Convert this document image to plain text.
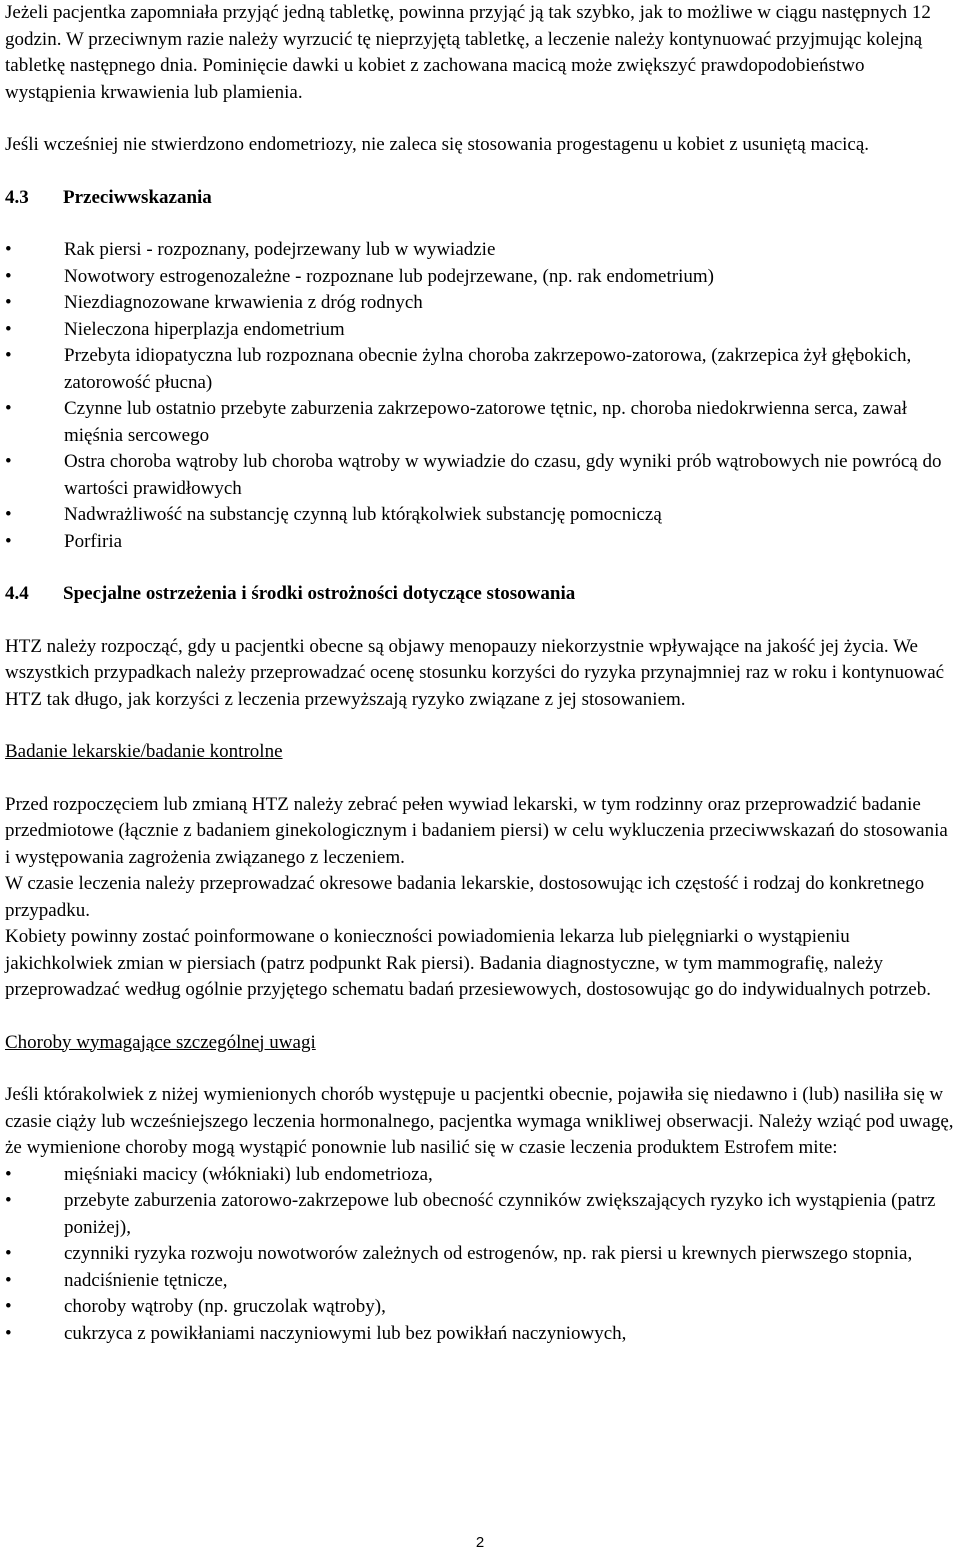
Jeżeli pacjentka zapomniała przyjąć jedną tabletkę, powinna przyjąć ją tak szybko, jak to możliwe w ciągu następnych 12 godzin. W przeciwnym razie należy wyrzucić tę nieprzyjętą tabletkę, a leczenie należy kontynuować przyjmując kolejną tabletkę następnego dnia. Pominięcie dawki u kobiet z zachowana macicą może zwiększyć prawdopodobieństwo wystąpienia krwawienia lub plamienia.

Jeśli wcześniej nie stwierdzono endometriozy, nie zaleca się stosowania progestagenu u kobiet z usuniętą macicą.

4.3 Przeciwwskazania

•	Rak piersi - rozpoznany, podejrzewany lub w wywiadzie
•	Nowotwory estrogenozależne - rozpoznane lub podejrzewane, (np. rak endometrium)
•	Niezdiagnozowane krwawienia z dróg rodnych
•	Nieleczona hiperplazja endometrium
•	Przebyta idiopatyczna lub rozpoznana obecnie żylna choroba zakrzepowo-zatorowa, (zakrzepica żył głębokich, zatorowość płucna)
•	Czynne lub ostatnio przebyte zaburzenia zakrzepowo-zatorowe tętnic, np. choroba niedokrwienna serca, zawał mięśnia sercowego
•	Ostra choroba wątroby lub choroba wątroby w wywiadzie do czasu, gdy wyniki prób wątrobowych nie powrócą do wartości prawidłowych
•	Nadwrażliwość na substancję czynną lub którąkolwiek substancję pomocniczą
•	Porfiria

4.4 Specjalne ostrzeżenia i środki ostrożności dotyczące stosowania

HTZ należy rozpocząć, gdy u pacjentki obecne są objawy menopauzy niekorzystnie wpływające na jakość jej życia. We wszystkich przypadkach należy przeprowadzać ocenę stosunku korzyści do ryzyka przynajmniej raz w roku i kontynuować HTZ tak długo, jak korzyści z leczenia przewyższają ryzyko związane z jej stosowaniem.

Badanie lekarskie/badanie kontrolne

Przed rozpoczęciem lub zmianą HTZ należy zebrać pełen wywiad lekarski, w tym rodzinny oraz przeprowadzić badanie przedmiotowe (łącznie z badaniem ginekologicznym i badaniem piersi) w celu wykluczenia przeciwwskazań do stosowania i występowania zagrożenia związanego z leczeniem.

W czasie leczenia należy przeprowadzać okresowe badania lekarskie, dostosowując ich częstość i rodzaj do konkretnego przypadku.

Kobiety powinny zostać poinformowane o konieczności powiadomienia lekarza lub pielęgniarki o wystąpieniu jakichkolwiek zmian w piersiach (patrz podpunkt Rak piersi). Badania diagnostyczne, w tym mammografię, należy przeprowadzać według ogólnie przyjętego schematu badań przesiewowych, dostosowując go do indywidualnych potrzeb.

Choroby wymagające szczególnej uwagi

Jeśli którakolwiek z niżej wymienionych chorób występuje u pacjentki obecnie, pojawiła się niedawno i (lub) nasiliła się w czasie ciąży lub wcześniejszego leczenia hormonalnego, pacjentka wymaga wnikliwej obserwacji. Należy wziąć pod uwagę, że wymienione choroby mogą wystąpić ponownie lub nasilić się w czasie leczenia produktem Estrofem mite:

•	mięśniaki macicy (włókniaki) lub endometrioza,
•	przebyte zaburzenia zatorowo-zakrzepowe lub obecność czynników zwiększających ryzyko ich wystąpienia (patrz poniżej),
•	czynniki ryzyka rozwoju nowotworów zależnych od estrogenów, np. rak piersi u krewnych pierwszego stopnia,
•	nadciśnienie tętnicze,
•	choroby wątroby (np. gruczolak wątroby),
•	cukrzyca z powikłaniami naczyniowymi lub bez powikłań naczyniowych,
2
